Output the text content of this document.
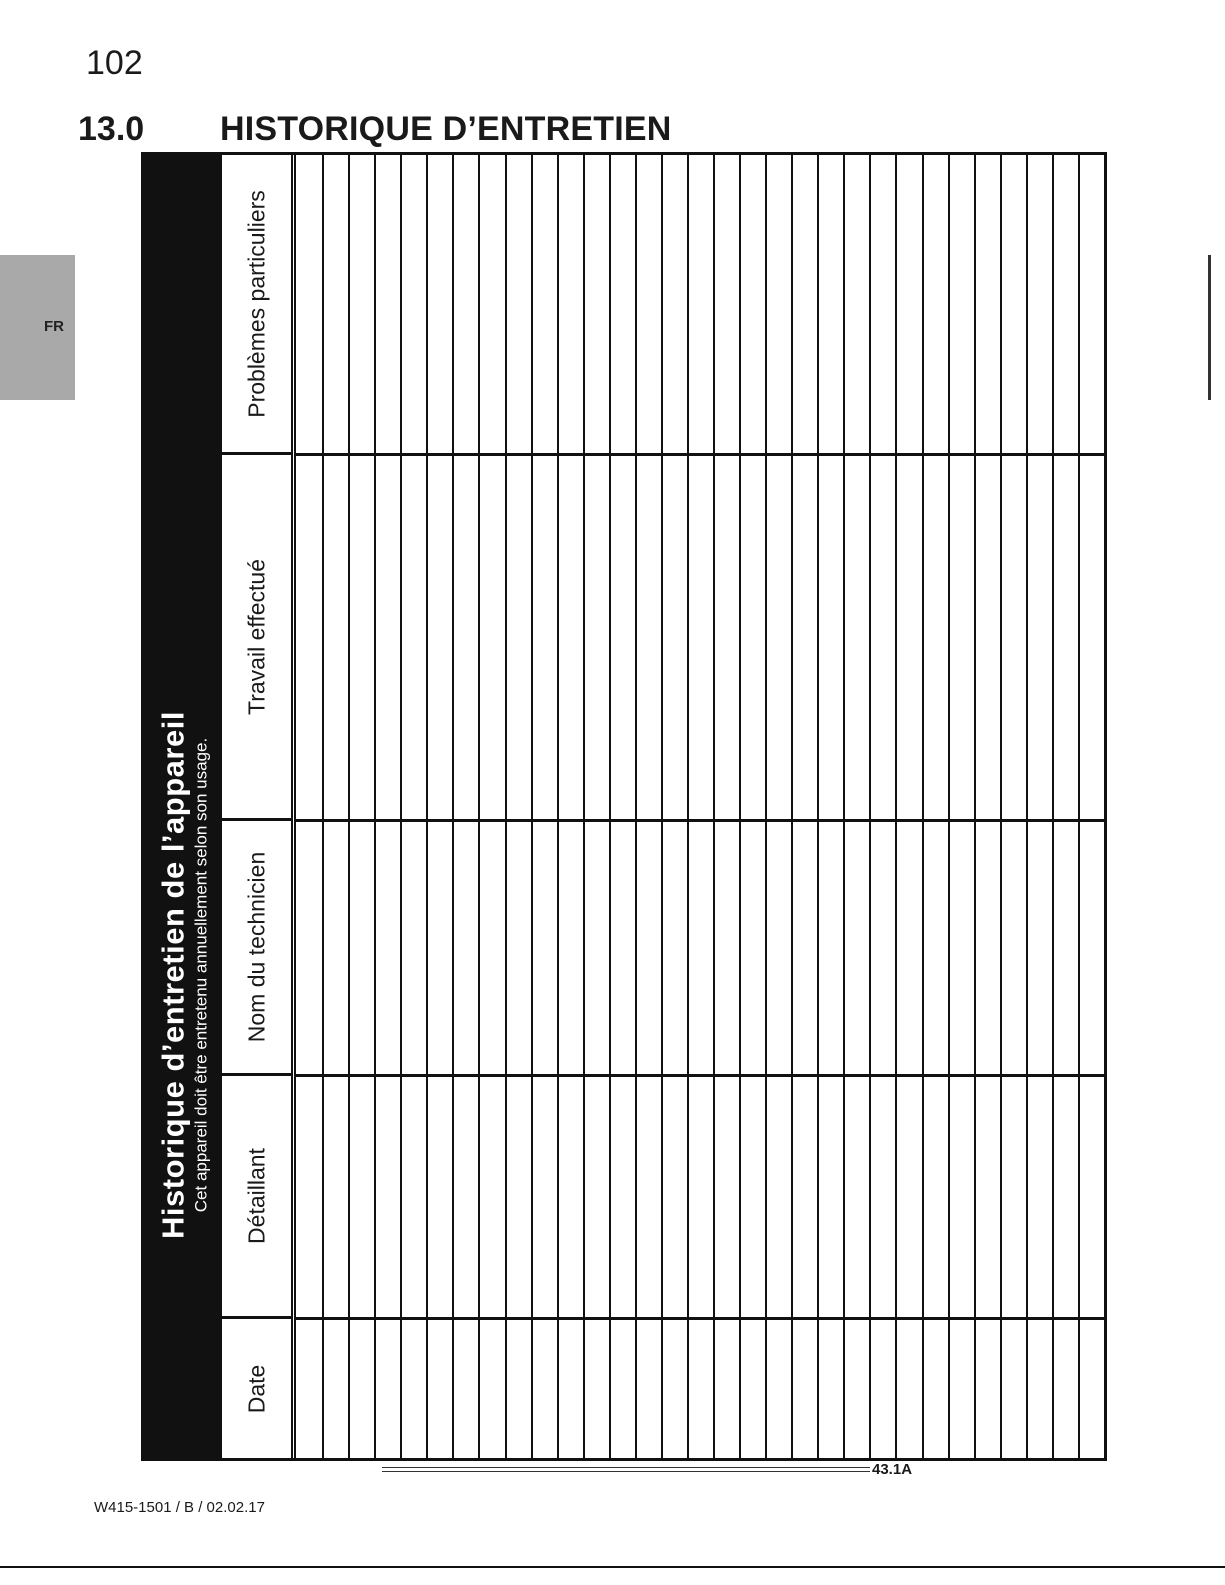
102
13.0 HISTORIQUE D’ENTRETIEN
FR
Historique d’entretien de l’appareil Cet appareil doit être entretenu annuellement selon son usage.
Problèmes particuliers
Travail effectué
Nom du technicien
Détaillant
Date
43.1A
W415-1501 / B / 02.02.17
